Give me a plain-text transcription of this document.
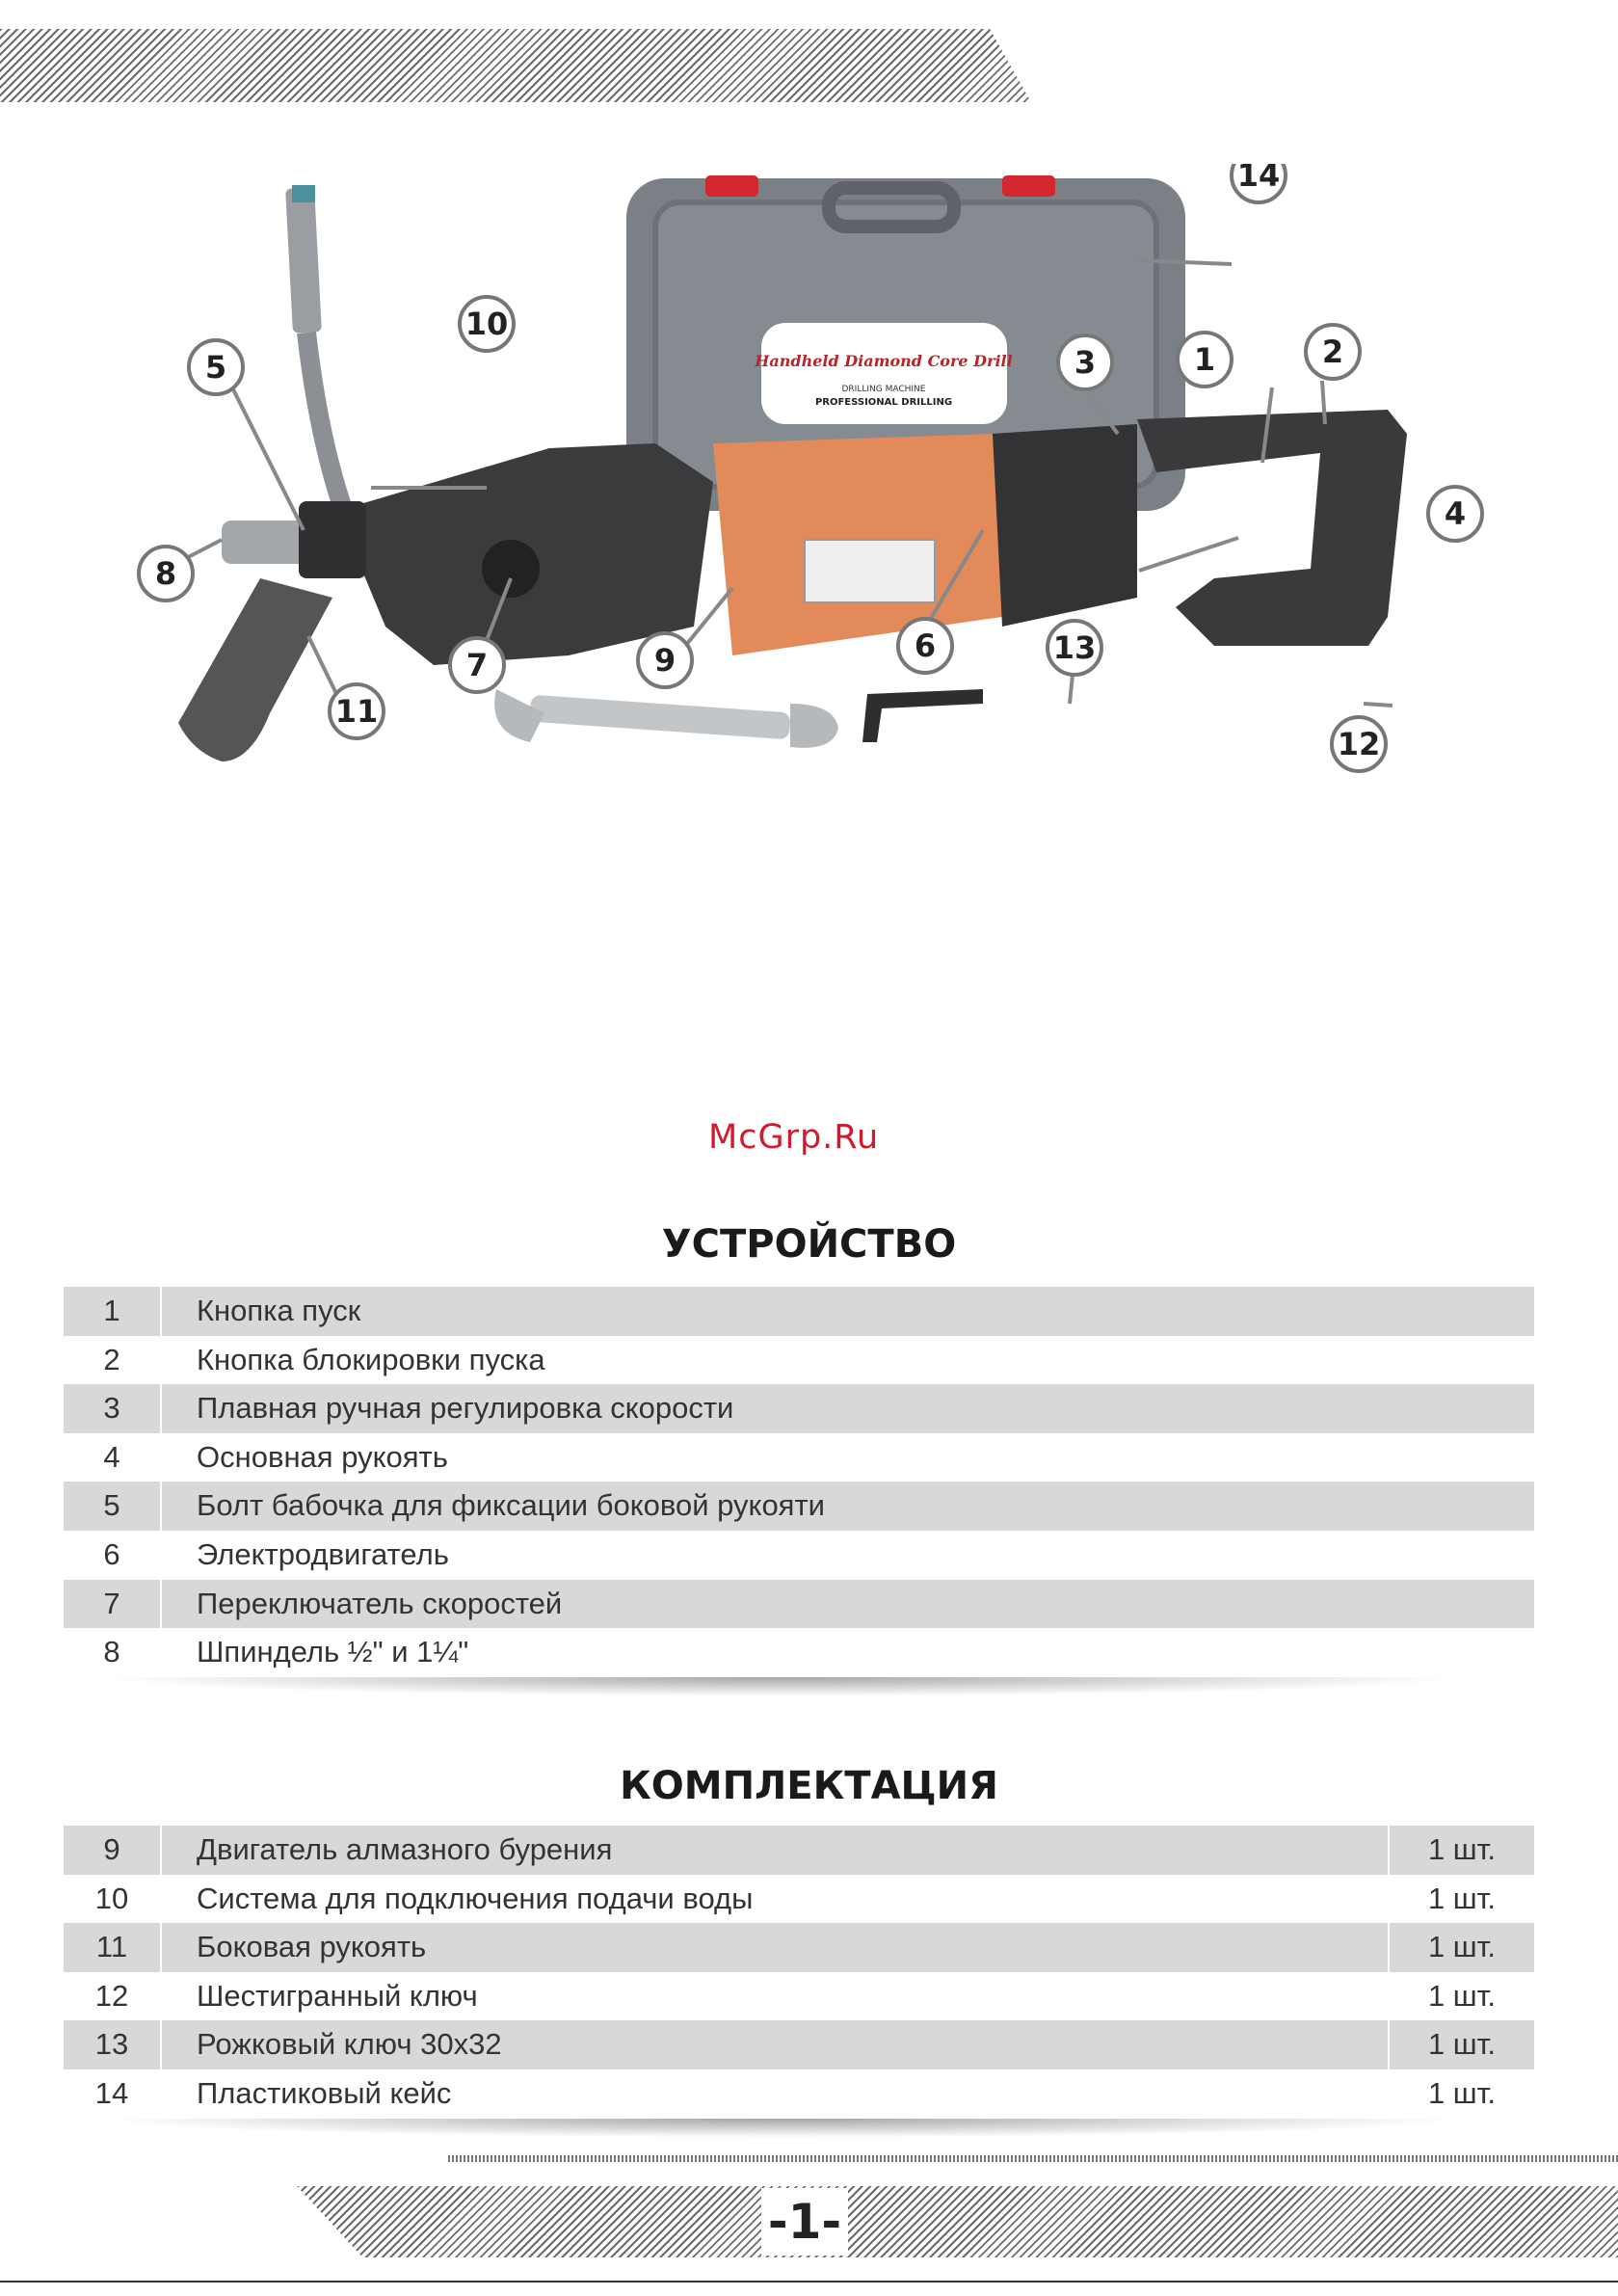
Handheld Diamond Core Drill
DRILLING MACHINE
PROFESSIONAL DRILLING
1	2
3
4
5
6
7
8
9
10
11
12
13
14
McGrp.Ru
УСТРОЙСТВО
1	Кнопка пуск
2	Кнопка блокировки пуска
3	Плавная ручная регулировка скорости
4	Основная рукоять
5	Болт бабочка для фиксации боковой рукояти
6	Электродвигатель
7	Переключатель скоростей
8	Шпиндель ½" и 1¼"
КОМПЛЕКТАЦИЯ
9	Двигатель алмазного бурения	1 шт.
10	Система для подключения подачи воды	1 шт.
11	Боковая рукоять	1 шт.
12	Шестигранный ключ	1 шт.
13	Рожковый ключ 30х32	1 шт.
14	Пластиковый кейс	1 шт.
-1-
